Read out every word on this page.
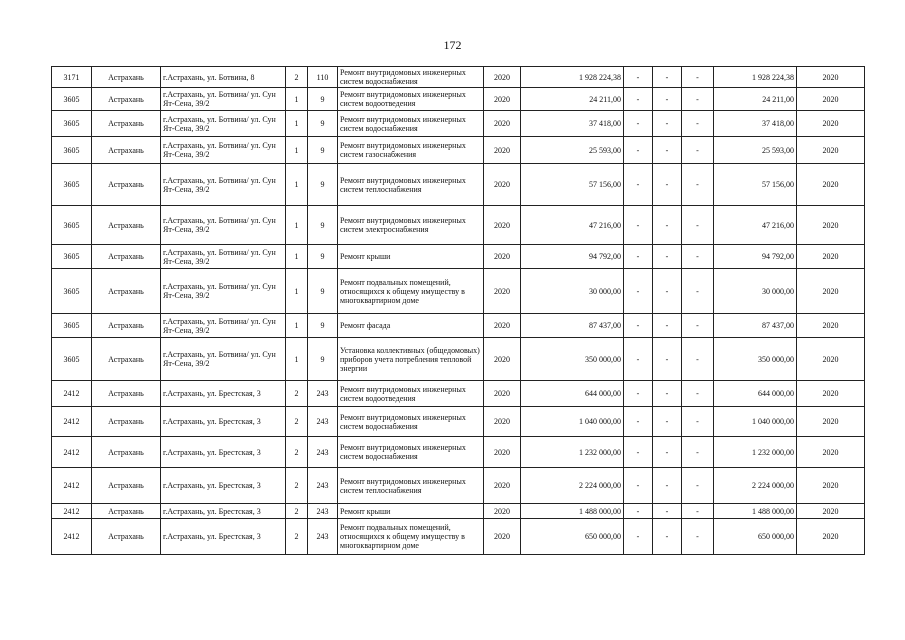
172
3171	Астрахань	г.Астрахань, ул. Ботвина, 8	2	110	Ремонт внутридомовых инженерных систем водоснабжения	2020	1 928 224,38	-	-	-	1 928 224,38	2020
3605	Астрахань	г.Астрахань, ул. Ботвина/ ул. Сун Ят-Сена, 39/2	1	9	Ремонт внутридомовых инженерных систем водоотведения	2020	24 211,00	-	-	-	24 211,00	2020
3605	Астрахань	г.Астрахань, ул. Ботвина/ ул. Сун Ят-Сена, 39/2	1	9	Ремонт внутридомовых инженерных систем водоснабжения	2020	37 418,00	-	-	-	37 418,00	2020
3605	Астрахань	г.Астрахань, ул. Ботвина/ ул. Сун Ят-Сена, 39/2	1	9	Ремонт внутридомовых инженерных систем газоснабжения	2020	25 593,00	-	-	-	25 593,00	2020
3605	Астрахань	г.Астрахань, ул. Ботвина/ ул. Сун Ят-Сена, 39/2	1	9	Ремонт внутридомовых инженерных систем теплоснабжения	2020	57 156,00	-	-	-	57 156,00	2020
3605	Астрахань	г.Астрахань, ул. Ботвина/ ул. Сун Ят-Сена, 39/2	1	9	Ремонт внутридомовых инженерных систем электроснабжения	2020	47 216,00	-	-	-	47 216,00	2020
3605	Астрахань	г.Астрахань, ул. Ботвина/ ул. Сун Ят-Сена, 39/2	1	9	Ремонт крыши	2020	94 792,00	-	-	-	94 792,00	2020
3605	Астрахань	г.Астрахань, ул. Ботвина/ ул. Сун Ят-Сена, 39/2	1	9	Ремонт подвальных помещений, относящихся к общему имуществу в многоквартирном доме	2020	30 000,00	-	-	-	30 000,00	2020
3605	Астрахань	г.Астрахань, ул. Ботвина/ ул. Сун Ят-Сена, 39/2	1	9	Ремонт фасада	2020	87 437,00	-	-	-	87 437,00	2020
3605	Астрахань	г.Астрахань, ул. Ботвина/ ул. Сун Ят-Сена, 39/2	1	9	Установка коллективных (общедомовых) приборов учета потребления тепловой энергии	2020	350 000,00	-	-	-	350 000,00	2020
2412	Астрахань	г.Астрахань, ул. Брестская, 3	2	243	Ремонт внутридомовых инженерных систем водоотведения	2020	644 000,00	-	-	-	644 000,00	2020
2412	Астрахань	г.Астрахань, ул. Брестская, 3	2	243	Ремонт внутридомовых инженерных систем водоснабжения	2020	1 040 000,00	-	-	-	1 040 000,00	2020
2412	Астрахань	г.Астрахань, ул. Брестская, 3	2	243	Ремонт внутридомовых инженерных систем водоснабжения	2020	1 232 000,00	-	-	-	1 232 000,00	2020
2412	Астрахань	г.Астрахань, ул. Брестская, 3	2	243	Ремонт внутридомовых инженерных систем теплоснабжения	2020	2 224 000,00	-	-	-	2 224 000,00	2020
2412	Астрахань	г.Астрахань, ул. Брестская, 3	2	243	Ремонт крыши	2020	1 488 000,00	-	-	-	1 488 000,00	2020
2412	Астрахань	г.Астрахань, ул. Брестская, 3	2	243	Ремонт подвальных помещений, относящихся к общему имуществу в многоквартирном доме	2020	650 000,00	-	-	-	650 000,00	2020
